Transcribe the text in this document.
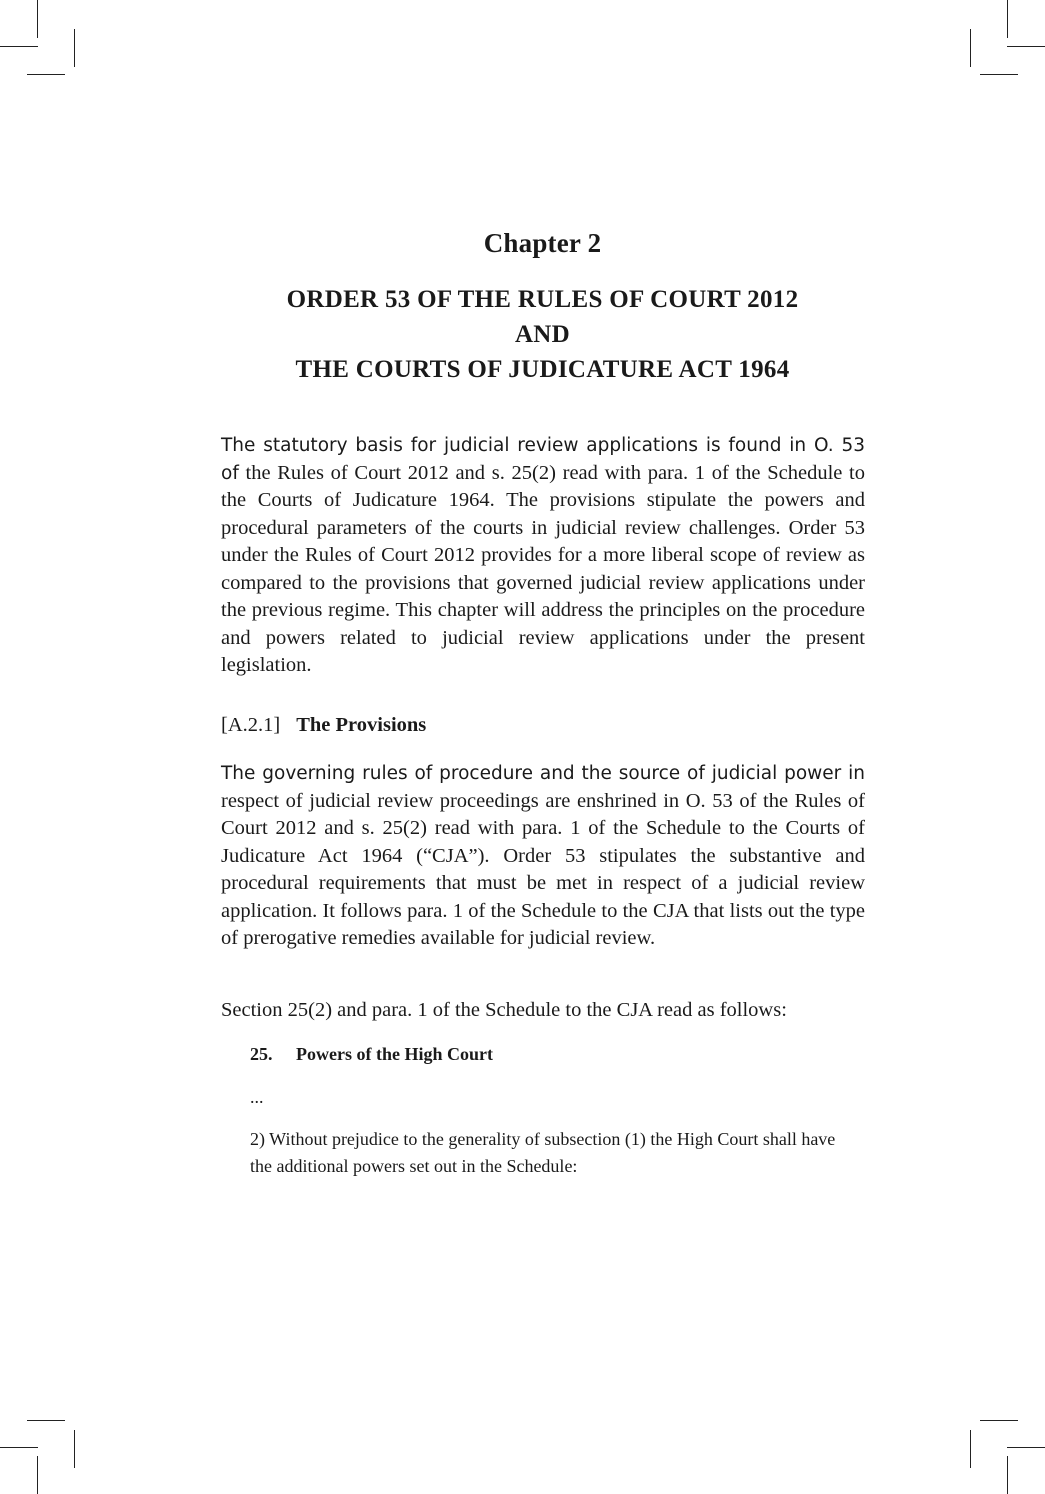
Chapter 2
ORDER 53 OF THE RULES OF COURT 2012
AND
THE COURTS OF JUDICATURE ACT 1964

The statutory basis for judicial review applications is found in O. 53 of the Rules of Court 2012 and s. 25(2) read with para. 1 of the Schedule to the Courts of Judicature 1964. The provisions stipulate the powers and procedural parameters of the courts in judicial review challenges. Order 53 under the Rules of Court 2012 provides for a more liberal scope of review as compared to the provisions that governed judicial review applications under the previous regime. This chapter will address the principles on the procedure and powers related to judicial review applications under the present legislation.

[A.2.1] The Provisions

The governing rules of procedure and the source of judicial power in respect of judicial review proceedings are enshrined in O. 53 of the Rules of Court 2012 and s. 25(2) read with para. 1 of the Schedule to the Courts of Judicature Act 1964 (“CJA”). Order 53 stipulates the substantive and procedural requirements that must be met in respect of a judicial review application. It follows para. 1 of the Schedule to the CJA that lists out the type of prerogative remedies available for judicial review.

Section 25(2) and para. 1 of the Schedule to the CJA read as follows:

25. Powers of the High Court

...

2) Without prejudice to the generality of subsection (1) the High Court shall have the additional powers set out in the Schedule:
